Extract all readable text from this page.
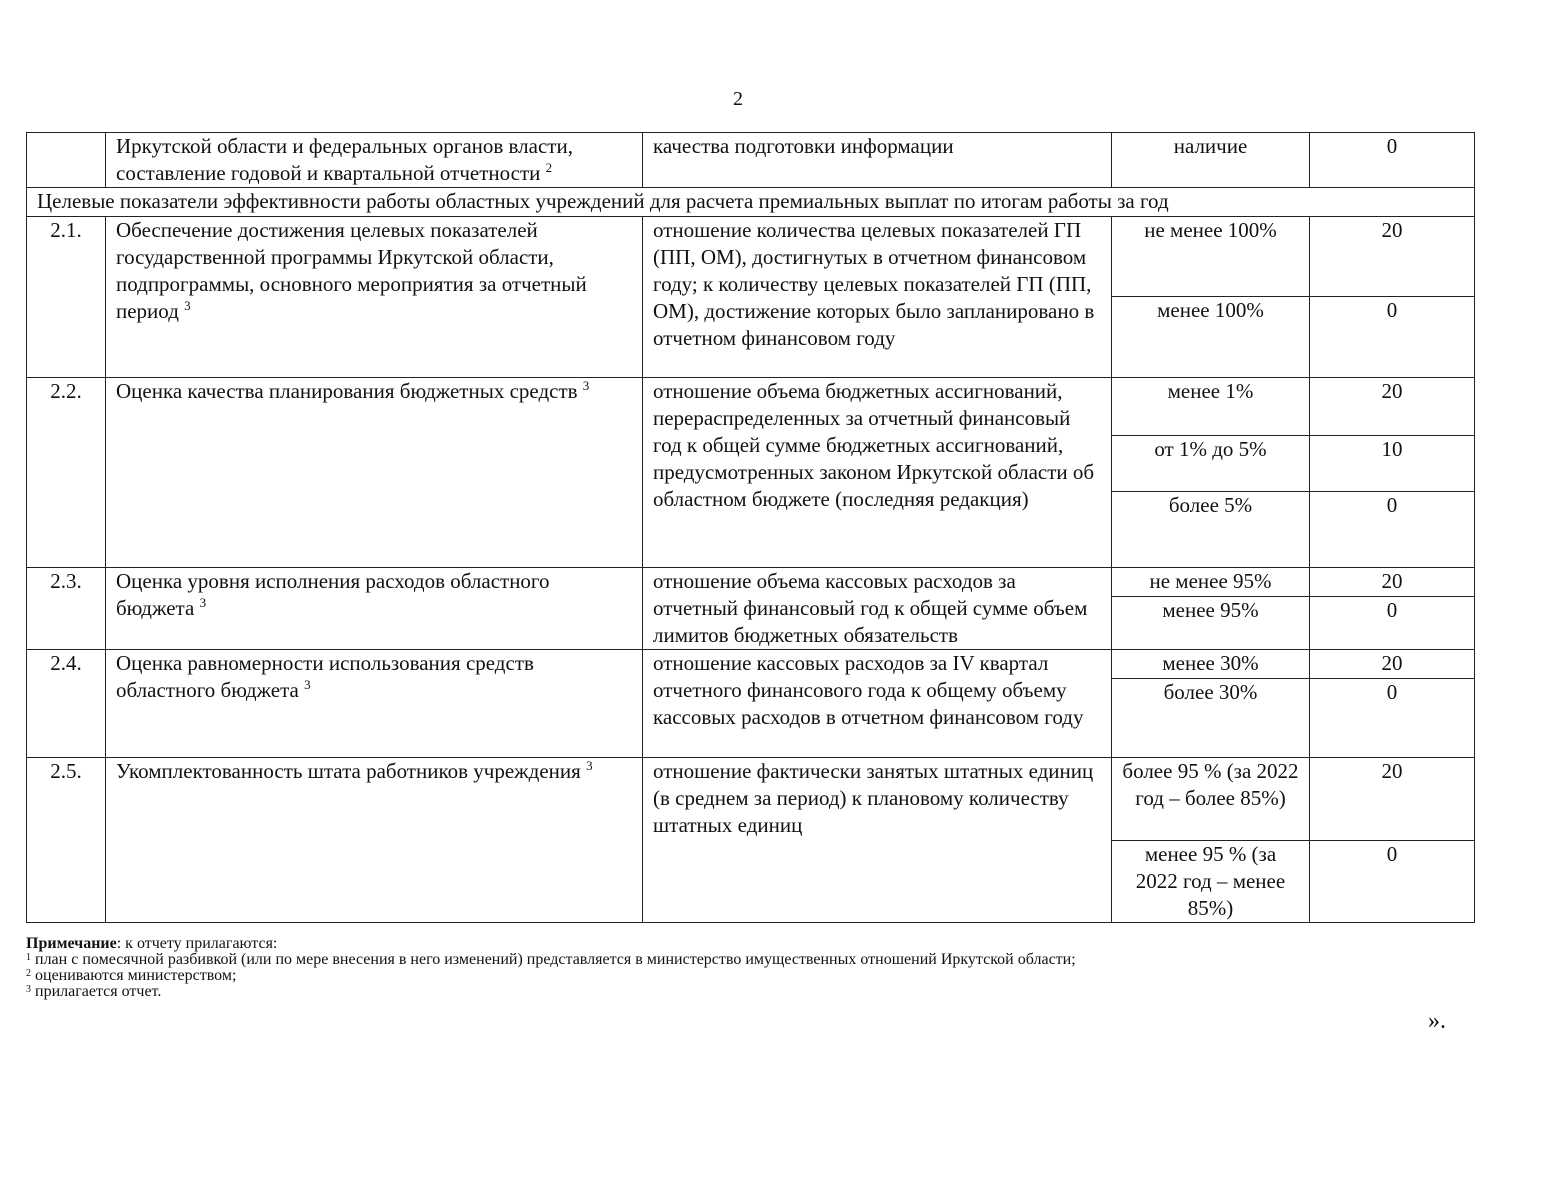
2
	Иркутской области и федеральных органов власти, составление годовой и квартальной отчетности $^2$	качества подготовки информации	наличие	0
Целевые показатели эффективности работы областных учреждений для расчета премиальных выплат по итогам работы за год				
2.1.	Обеспечение достижения целевых показателей государственной программы Иркутской области, подпрограммы, основного мероприятия за отчетный период $^3$	отношение количества целевых показателей ГП (ПП, ОМ), достигнутых в отчетном финансовом году; к количеству целевых показателей ГП (ПП, ОМ), достижение которых было запланировано в отчетном финансовом году	не менее 100%	20
			менее 100%	0
2.2.	Оценка качества планирования бюджетных средств $^3$	отношение объема бюджетных ассигнований, перераспределенных за отчетный финансовый год к общей сумме бюджетных ассигнований, предусмотренных законом Иркутской области об областном бюджете (последняя редакция)	менее 1%	20
			от 1% до 5%	10
			более 5%	0
2.3.	Оценка уровня исполнения расходов областного бюджета $^3$	отношение объема кассовых расходов за отчетный финансовый год к общей сумме объем лимитов бюджетных обязательств	не менее 95%	20
			менее 95%	0
2.4.	Оценка равномерности использования средств областного бюджета $^3$	отношение кассовых расходов за IV квартал отчетного финансового года к общему объему кассовых расходов в отчетном финансовом году	менее 30%	20
			более 30%	0
2.5.	Укомплектованность штата работников учреждения $^3$	отношение фактически занятых штатных единиц (в среднем за период) к плановому количеству штатных единиц	более 95 % (за 2022 год – более 85%)	20
			менее 95 % (за 2022 год – менее 85%)	0
Примечание: к отчету прилагаются:
$^1$ план с помесячной разбивкой (или по мере внесения в него изменений) представляется в министерство имущественных отношений Иркутской области;
$^2$ оцениваются министерством;
$^3$ прилагается отчет.
».
